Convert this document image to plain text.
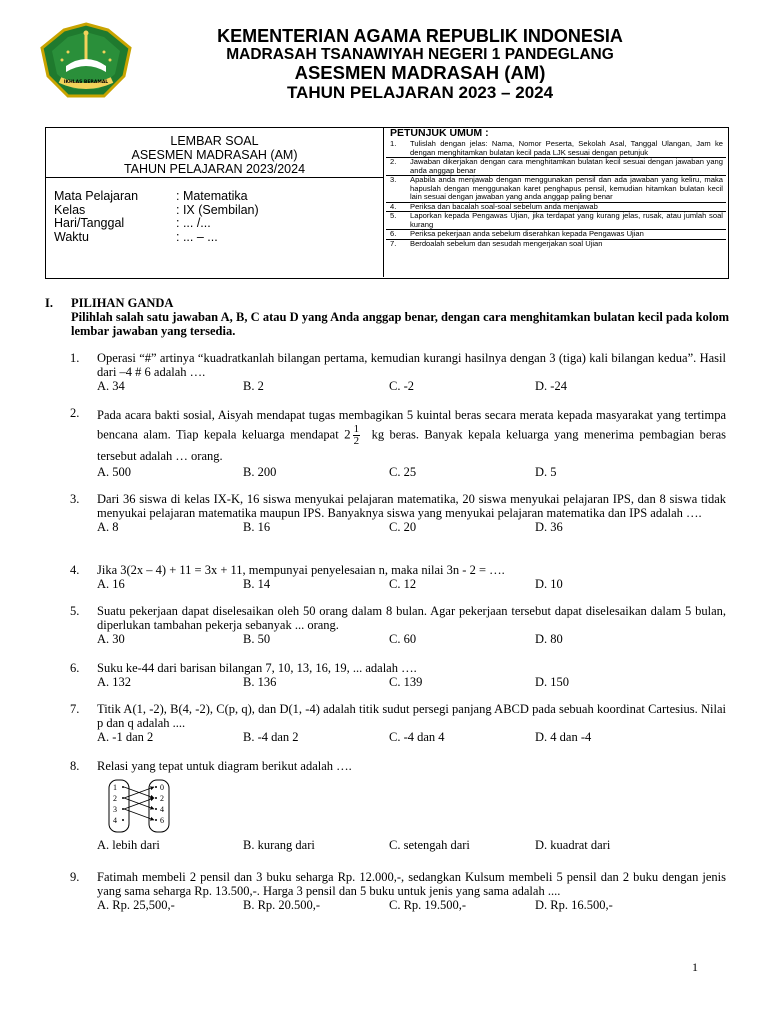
IKHLAS BERAMAL
KEMENTERIAN AGAMA REPUBLIK INDONESIA
MADRASAH TSANAWIYAH NEGERI 1 PANDEGLANG
ASESMEN MADRASAH (AM)
TAHUN PELAJARAN 2023 – 2024
LEMBAR SOAL
ASESMEN MADRASAH (AM)
TAHUN PELAJARAN 2023/2024
Mata Pelajaran	: Matematika
Kelas	: IX (Sembilan)
Hari/Tanggal	: ... /...
Waktu	: ... – ...
PETUNJUK UMUM :
1.	Tulislah dengan jelas: Nama, Nomor Peserta, Sekolah Asal, Tanggal Ulangan, Jam ke dengan menghitamkan bulatan kecil pada LJK sesuai dengan petunjuk
2.	Jawaban dikerjakan dengan cara menghitamkan bulatan kecil sesuai dengan jawaban yang anda anggap benar
3.	Apabila anda menjawab dengan menggunakan pensil dan ada jawaban yang keliru, maka hapuslah dengan menggunakan karet penghapus pensil, kemudian hitamkan bulatan kecil lain sesuai dengan jawaban yang anda anggap paling benar
4.	Periksa dan bacalah soal-soal sebelum anda menjawab
5.	Laporkan kepada Pengawas Ujian, jika terdapat yang kurang jelas, rusak, atau jumlah soal kurang
6.	Periksa pekerjaan anda sebelum diserahkan kepada Pengawas Ujian
7.	Berdoalah sebelum dan sesudah mengerjakan soal Ujian
I.	PILIHAN GANDA
Pilihlah salah satu jawaban A, B, C atau D yang Anda anggap benar, dengan cara menghitamkan bulatan kecil pada kolom lembar jawaban yang tersedia.
1.	Operasi “#” artinya “kuadratkanlah bilangan pertama, kemudian kurangi hasilnya dengan 3 (tiga) kali bilangan kedua”. Hasil dari –4 # 6 adalah ….
A. 34	B. 2	C. -2	D. -24
2.	Pada acara bakti sosial, Aisyah mendapat tugas membagikan 5 kuintal beras secara merata kepada masyarakat yang tertimpa bencana alam. Tiap kepala keluarga mendapat $2 \frac{1}{2}$ kg beras. Banyak kepala keluarga yang menerima pembagian beras tersebut adalah … orang.
A. 500	B. 200	C. 25	D. 5
3.	Dari 36 siswa di kelas IX-K, 16 siswa menyukai pelajaran matematika, 20 siswa menyukai pelajaran IPS, dan 8 siswa tidak menyukai pelajaran matematika maupun IPS. Banyaknya siswa yang menyukai pelajaran matematika dan IPS adalah ….
A. 8	B. 16	C. 20	D. 36
4.	Jika 3(2x – 4) + 11 = 3x + 11, mempunyai penyelesaian n, maka nilai 3n - 2 = ….
A. 16	B. 14	C. 12	D. 10
5.	Suatu pekerjaan dapat diselesaikan oleh 50 orang dalam 8 bulan. Agar pekerjaan tersebut dapat diselesaikan dalam 5 bulan, diperlukan tambahan pekerja sebanyak ... orang.
A. 30	B. 50	C. 60	D. 80
6.	Suku ke-44 dari barisan bilangan 7, 10, 13, 16, 19, ... adalah ….
A. 132	B. 136	C. 139	D. 150
7.	Titik A(1, -2), B(4, -2), C(p, q), dan D(1, -4) adalah titik sudut persegi panjang ABCD pada sebuah koordinat Cartesius. Nilai p dan q adalah ....
A. -1 dan 2	B. -4 dan 2	C. -4 dan 4	D. 4 dan -4
8.	Relasi yang tepat untuk diagram berikut adalah ….
1
2
3
4
0
2
4
6
A. lebih dari	B. kurang dari	C. setengah dari	D. kuadrat dari
9.	Fatimah membeli 2 pensil dan 3 buku seharga Rp. 12.000,-, sedangkan Kulsum membeli 5 pensil dan 2 buku dengan jenis yang sama seharga Rp. 13.500,-. Harga 3 pensil dan 5 buku untuk jenis yang sama adalah ....
A. Rp. 25,500,-	B. Rp. 20.500,-	C. Rp. 19.500,-	D. Rp. 16.500,-
1
